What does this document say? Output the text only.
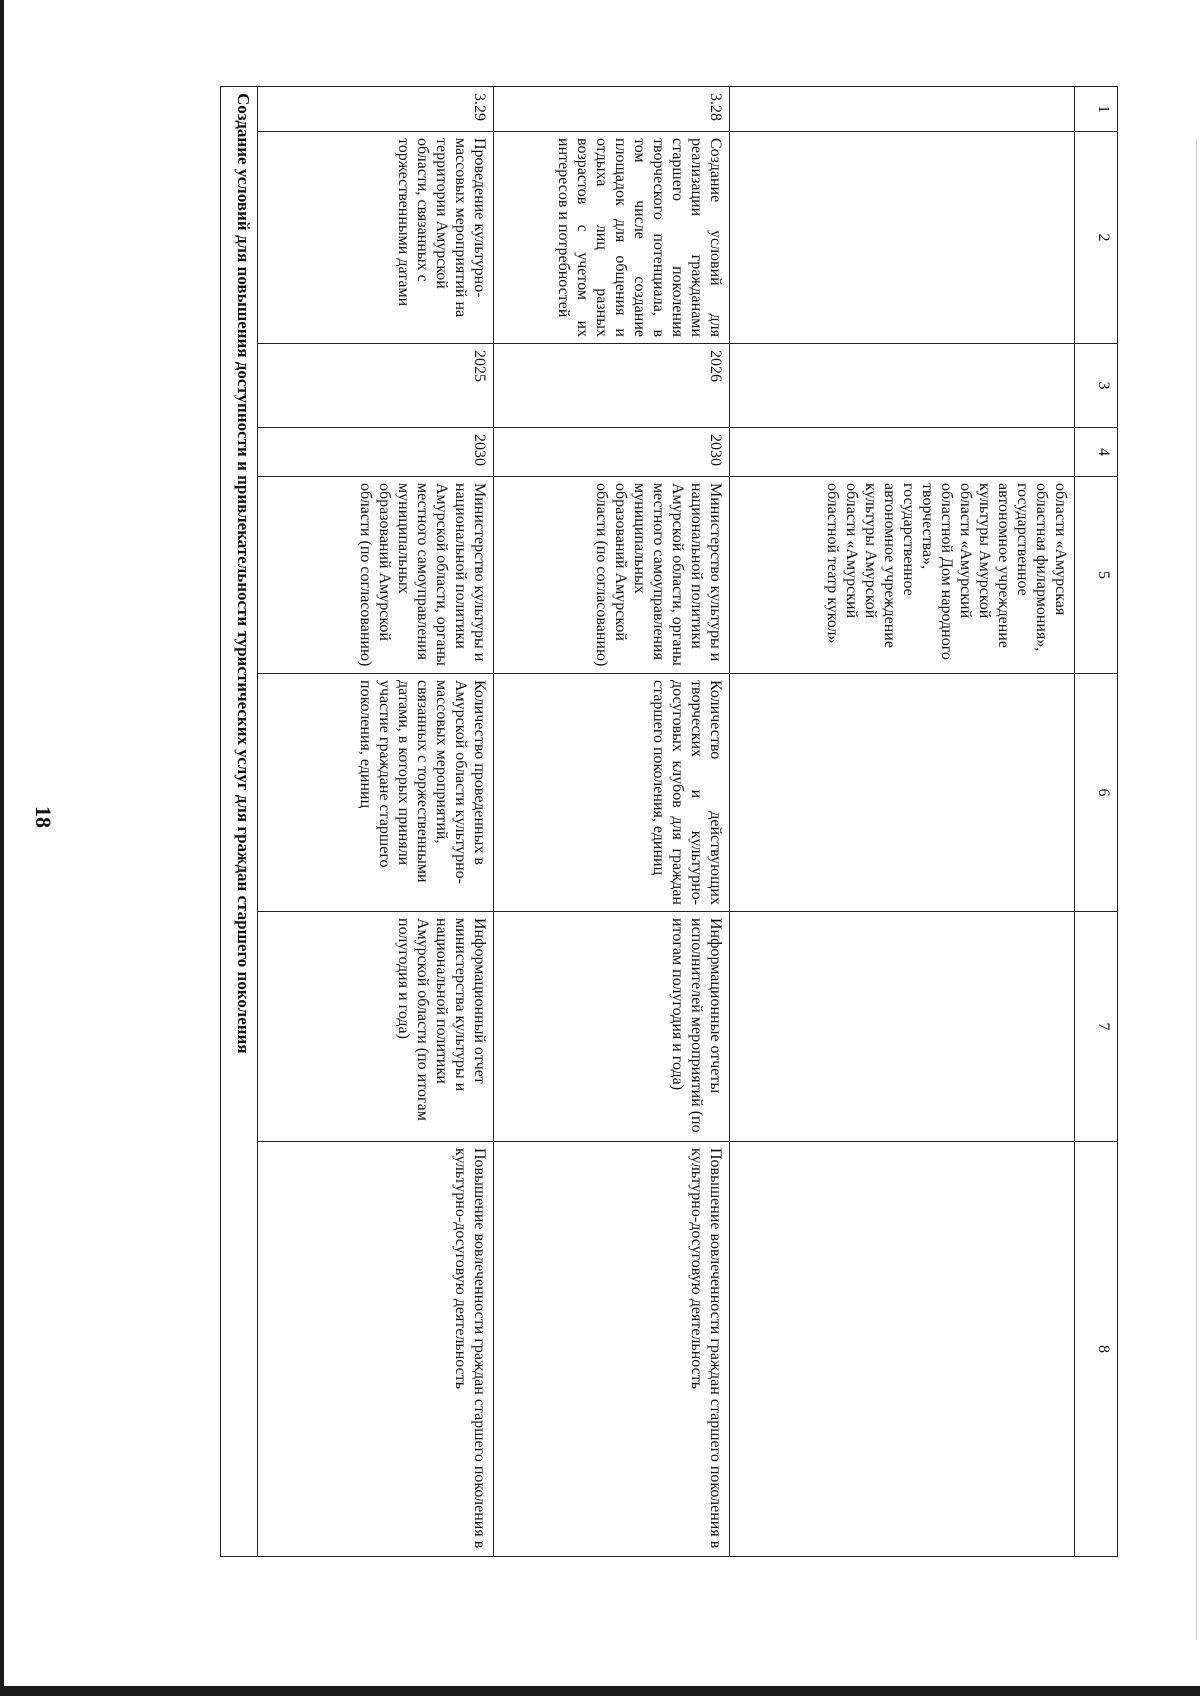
18
1	2	3	4	5	6	7	8
				области «Амурская областная филармония», государственное автономное учреждение культуры Амурской области «Амурский областной Дом народного творчества», государственное автономное учреждение культуры Амурской области «Амурский областной театр кукол»			
3.28	Создание условий для реализации гражданами старшего поколения творческого потенциала, в том числе создание площадок для общения и отдыха лиц разных возрастов с учетом их интересов и потребностей	2026	2030	Министерство культуры и национальной политики Амурской области, органы местного самоуправления муниципальных образований Амурской области (по согласованию)	Количество действующих творческих и культурно-досуговых клубов для граждан старшего поколения, единиц	Информационные отчеты исполнителей мероприятий (по итогам полугодия и года)	Повышение вовлеченности граждан старшего поколения в культурно-досуговую деятельность
3.29	Проведение культурно-массовых мероприятий на территории Амурской области, связанных с торжественными датами	2025	2030	Министерство культуры и национальной политики Амурской области, органы местного самоуправления муниципальных образований Амурской области (по согласованию)	Количество проведенных в Амурской области культурно-массовых мероприятий, связанных с торжественными датами, в которых приняли участие граждане старшего поколения, единиц	Информационный отчет министерства культуры и национальной политики Амурской области (по итогам полугодия и года)	Повышение вовлеченности граждан старшего поколения в культурно-досуговую деятельность
Создание условий для повышения доступности и привлекательности туристических услуг для граждан старшего поколения							
